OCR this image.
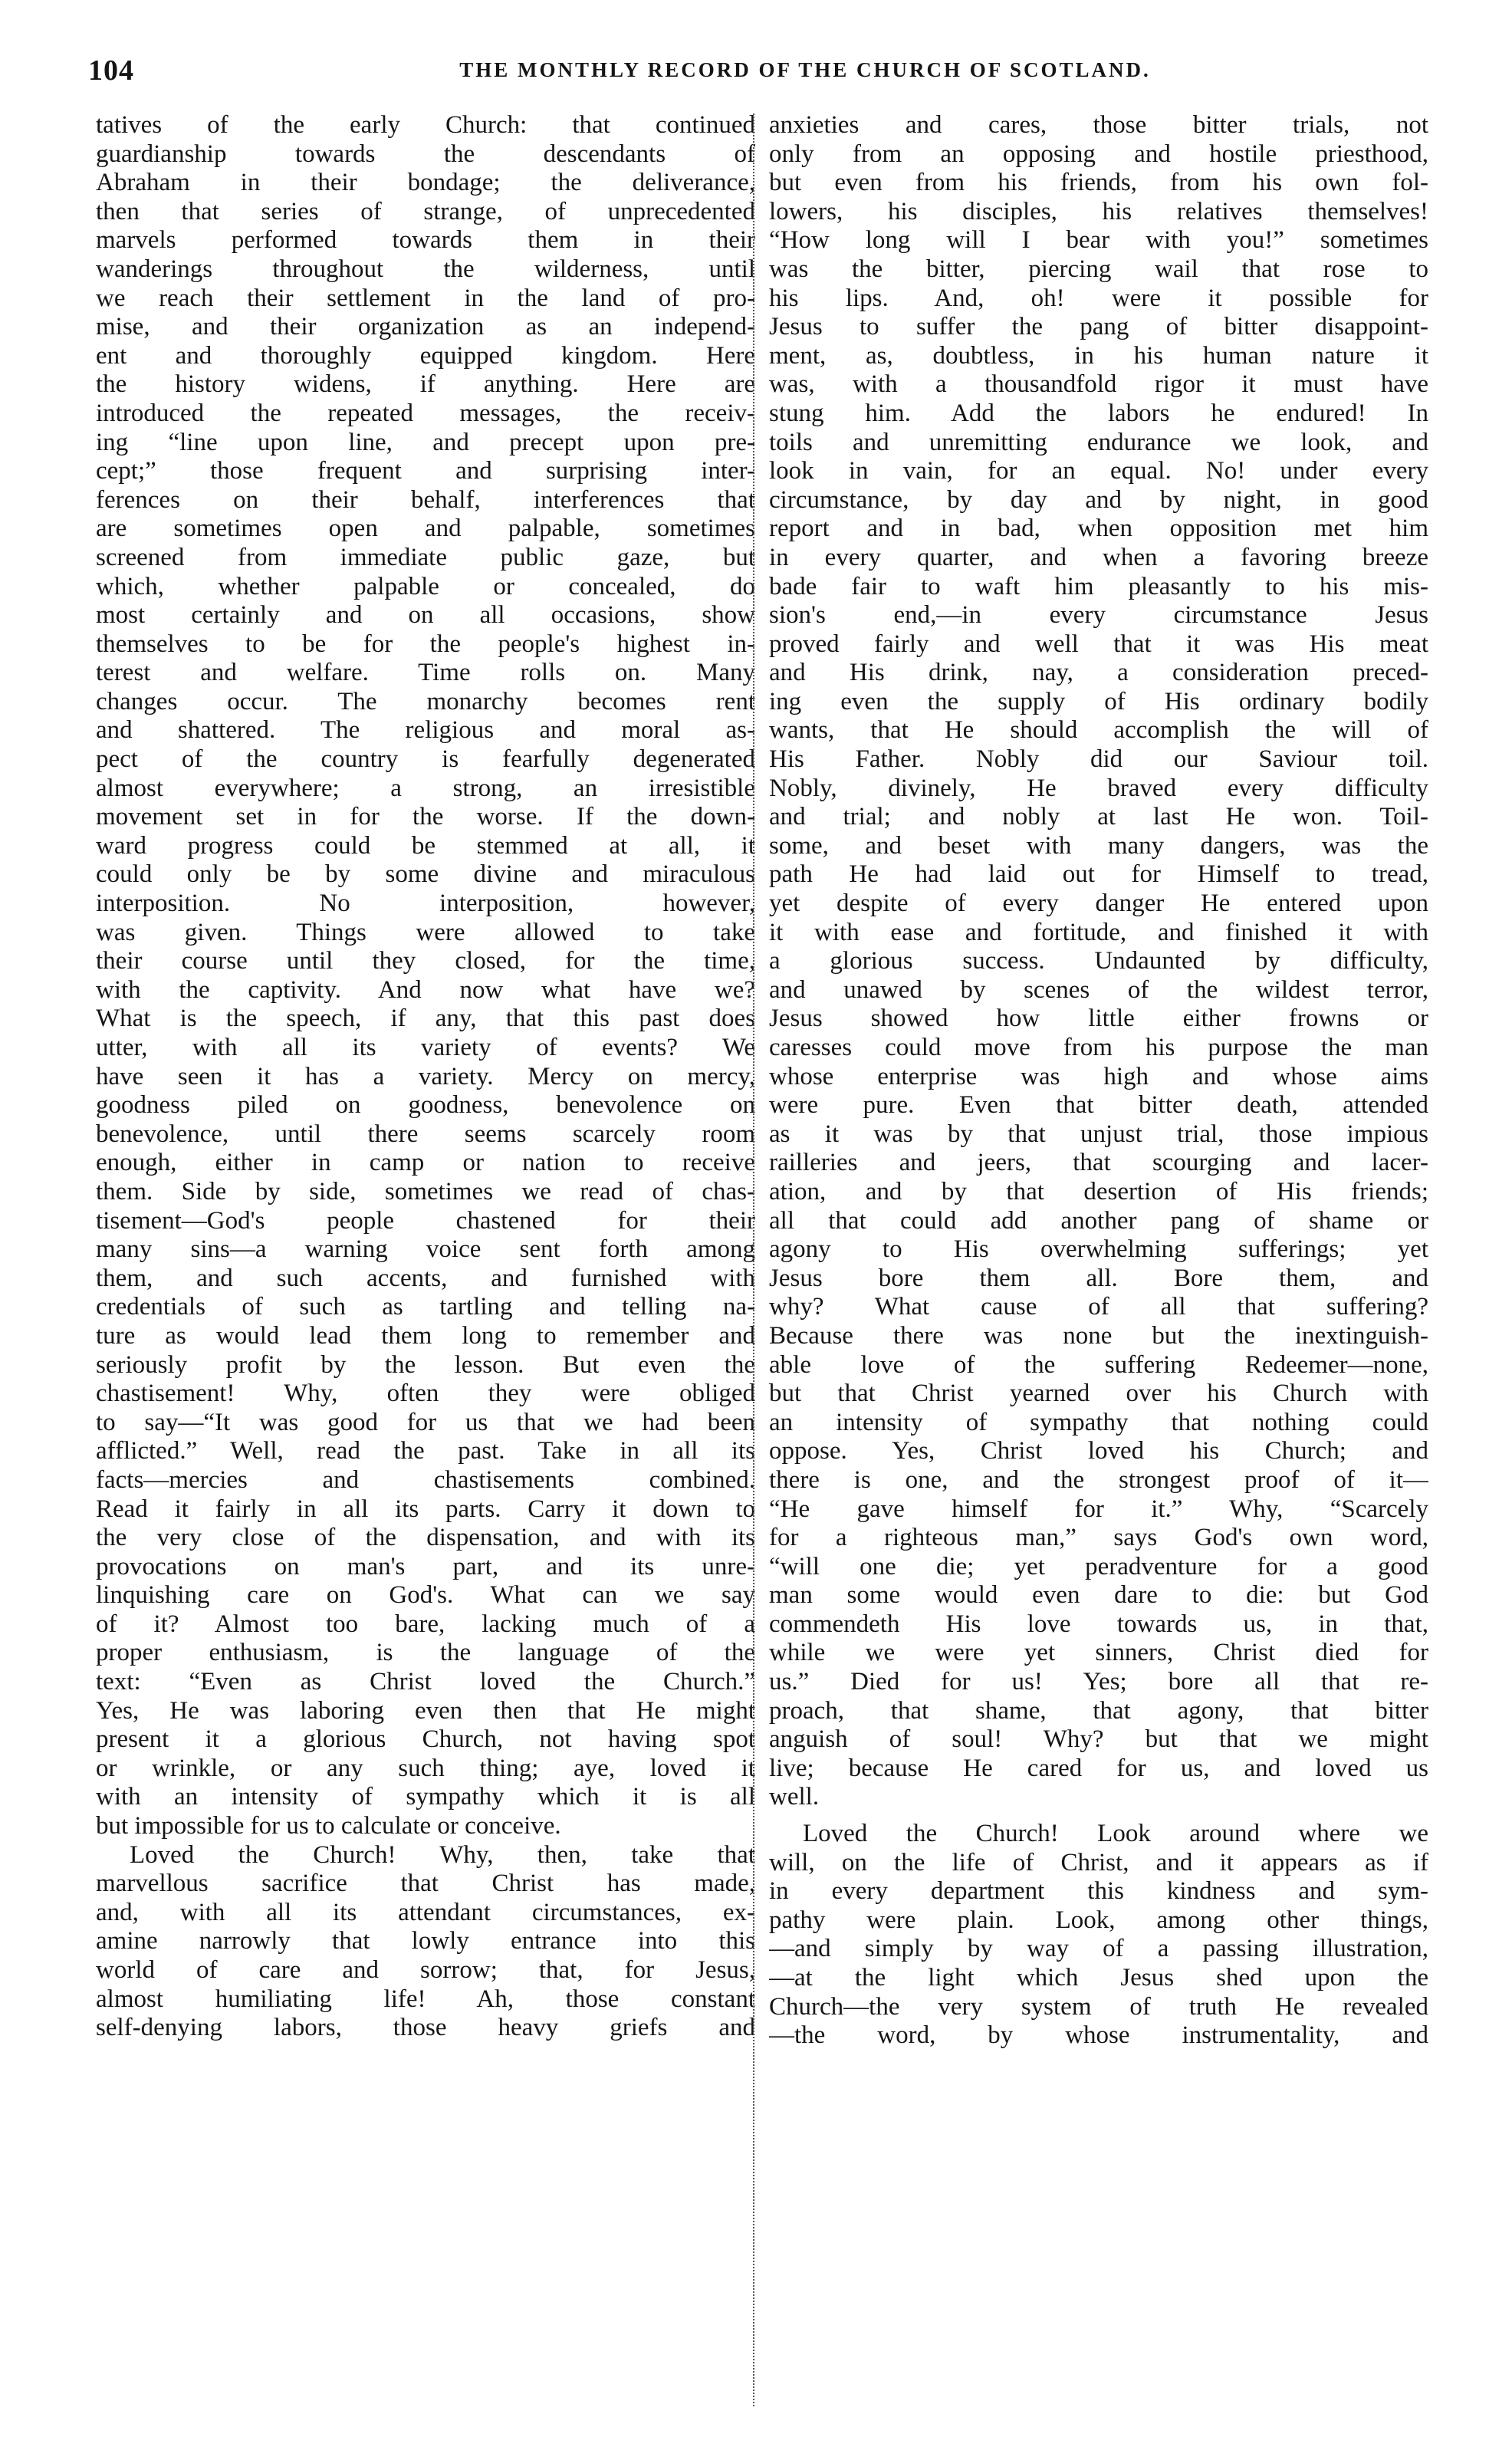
104	THE MONTHLY RECORD OF THE CHURCH OF SCOTLAND.
tatives of the early Church: that continued
guardianship towards the descendants of
Abraham in their bondage; the deliverance,
then that series of strange, of unprecedented
marvels performed towards them in their
wanderings throughout the wilderness, until
we reach their settlement in the land of pro-
mise, and their organization as an independ-
ent and thoroughly equipped kingdom. Here
the history widens, if anything. Here are
introduced the repeated messages, the receiv-
ing “line upon line, and precept upon pre-
cept;” those frequent and surprising inter-
ferences on their behalf, interferences that
are sometimes open and palpable, sometimes
screened from immediate public gaze, but
which, whether palpable or concealed, do
most certainly and on all occasions, show
themselves to be for the people's highest in-
terest and welfare. Time rolls on. Many
changes occur. The monarchy becomes rent
and shattered. The religious and moral as-
pect of the country is fearfully degenerated
almost everywhere; a strong, an irresistible
movement set in for the worse. If the down-
ward progress could be stemmed at all, it
could only be by some divine and miraculous
interposition. No interposition, however,
was given. Things were allowed to take
their course until they closed, for the time,
with the captivity. And now what have we?
What is the speech, if any, that this past does
utter, with all its variety of events? We
have seen it has a variety. Mercy on mercy,
goodness piled on goodness, benevolence on
benevolence, until there seems scarcely room
enough, either in camp or nation to receive
them. Side by side, sometimes we read of chas-
tisement—God's people chastened for their
many sins—a warning voice sent forth among
them, and such accents, and furnished with
credentials of such as tartling and telling na-
ture as would lead them long to remember and
seriously profit by the lesson. But even the
chastisement! Why, often they were obliged
to say—“It was good for us that we had been
afflicted.” Well, read the past. Take in all its
facts—mercies and chastisements combined.
Read it fairly in all its parts. Carry it down to
the very close of the dispensation, and with its
provocations on man's part, and its unre-
linquishing care on God's. What can we say
of it? Almost too bare, lacking much of a
proper enthusiasm, is the language of the
text: “Even as Christ loved the Church.”
Yes, He was laboring even then that He might
present it a glorious Church, not having spot
or wrinkle, or any such thing; aye, loved it
with an intensity of sympathy which it is all
but impossible for us to calculate or conceive.
Loved the Church! Why, then, take that
marvellous sacrifice that Christ has made,
and, with all its attendant circumstances, ex-
amine narrowly that lowly entrance into this
world of care and sorrow; that, for Jesus,
almost humiliating life! Ah, those constant
self-denying labors, those heavy griefs and
anxieties and cares, those bitter trials, not
only from an opposing and hostile priesthood,
but even from his friends, from his own fol-
lowers, his disciples, his relatives themselves!
“How long will I bear with you!” sometimes
was the bitter, piercing wail that rose to
his lips. And, oh! were it possible for
Jesus to suffer the pang of bitter disappoint-
ment, as, doubtless, in his human nature it
was, with a thousandfold rigor it must have
stung him. Add the labors he endured! In
toils and unremitting endurance we look, and
look in vain, for an equal. No! under every
circumstance, by day and by night, in good
report and in bad, when opposition met him
in every quarter, and when a favoring breeze
bade fair to waft him pleasantly to his mis-
sion's end,—in every circumstance Jesus
proved fairly and well that it was His meat
and His drink, nay, a consideration preced-
ing even the supply of His ordinary bodily
wants, that He should accomplish the will of
His Father. Nobly did our Saviour toil.
Nobly, divinely, He braved every difficulty
and trial; and nobly at last He won. Toil-
some, and beset with many dangers, was the
path He had laid out for Himself to tread,
yet despite of every danger He entered upon
it with ease and fortitude, and finished it with
a glorious success. Undaunted by difficulty,
and unawed by scenes of the wildest terror,
Jesus showed how little either frowns or
caresses could move from his purpose the man
whose enterprise was high and whose aims
were pure. Even that bitter death, attended
as it was by that unjust trial, those impious
railleries and jeers, that scourging and lacer-
ation, and by that desertion of His friends;
all that could add another pang of shame or
agony to His overwhelming sufferings; yet
Jesus bore them all. Bore them, and
why? What cause of all that suffering?
Because there was none but the inextinguish-
able love of the suffering Redeemer—none,
but that Christ yearned over his Church with
an intensity of sympathy that nothing could
oppose. Yes, Christ loved his Church; and
there is one, and the strongest proof of it—
“He gave himself for it.” Why, “Scarcely
for a righteous man,” says God's own word,
“will one die; yet peradventure for a good
man some would even dare to die: but God
commendeth His love towards us, in that,
while we were yet sinners, Christ died for
us.” Died for us! Yes; bore all that re-
proach, that shame, that agony, that bitter
anguish of soul! Why? but that we might
live; because He cared for us, and loved us
well.
Loved the Church! Look around where we
will, on the life of Christ, and it appears as if
in every department this kindness and sym-
pathy were plain. Look, among other things,
—and simply by way of a passing illustration,
—at the light which Jesus shed upon the
Church—the very system of truth He revealed
—the word, by whose instrumentality, and
